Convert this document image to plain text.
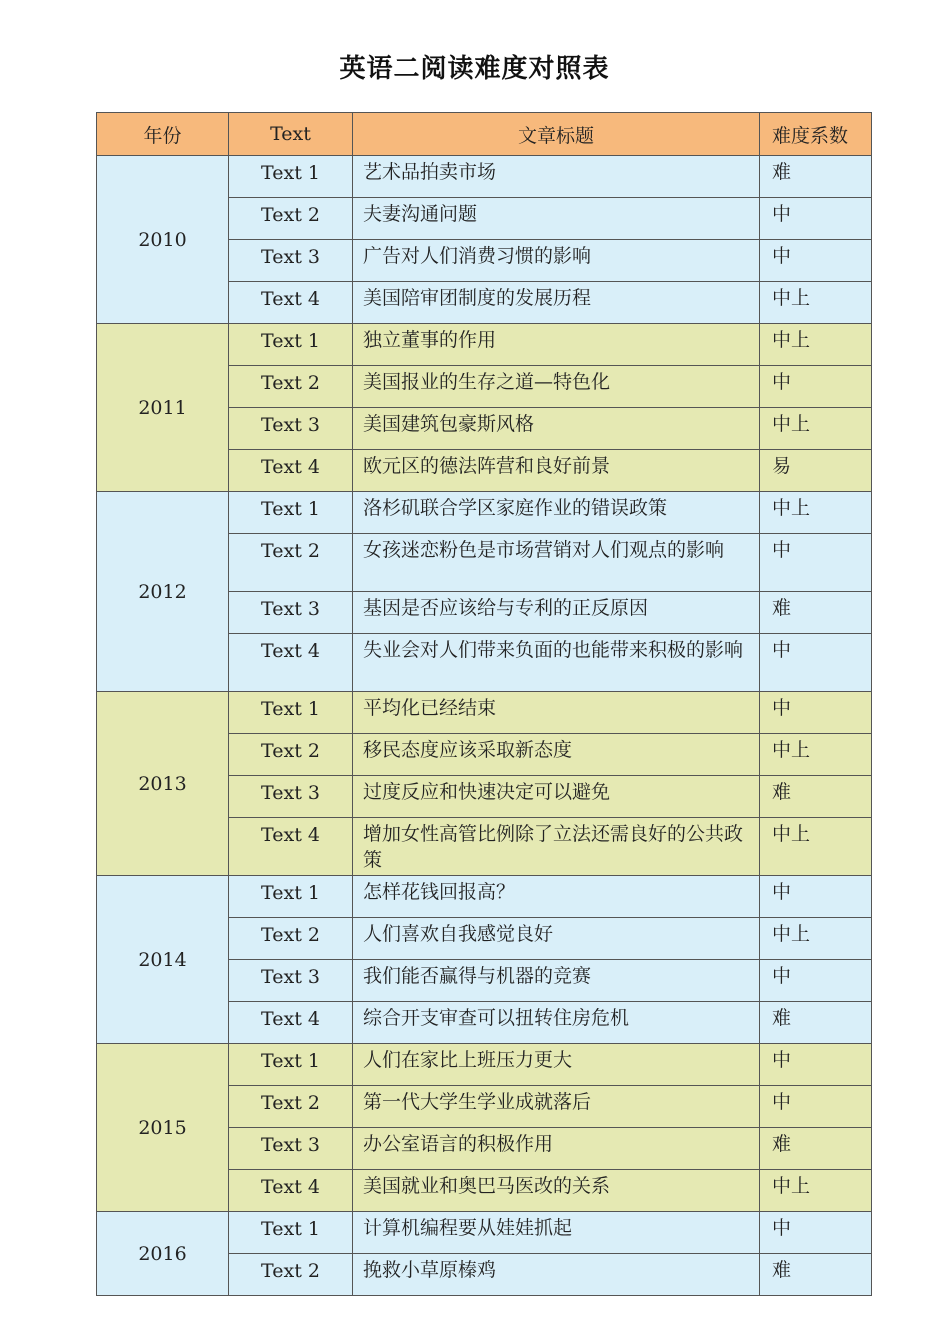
英语二阅读难度对照表
年份	Text	文章标题	难度系数
2010	Text 1	艺术品拍卖市场	难
	Text 2	夫妻沟通问题	中
	Text 3	广告对人们消费习惯的影响	中
	Text 4	美国陪审团制度的发展历程	中上
2011	Text 1	独立董事的作用	中上
	Text 2	美国报业的生存之道—特色化	中
	Text 3	美国建筑包豪斯风格	中上
	Text 4	欧元区的德法阵营和良好前景	易
2012	Text 1	洛杉矶联合学区家庭作业的错误政策	中上
	Text 2	女孩迷恋粉色是市场营销对人们观点的影响	中
	Text 3	基因是否应该给与专利的正反原因	难
	Text 4	失业会对人们带来负面的也能带来积极的影响	中
2013	Text 1	平均化已经结束	中
	Text 2	移民态度应该采取新态度	中上
	Text 3	过度反应和快速决定可以避免	难
	Text 4	增加女性高管比例除了立法还需良好的公共政策	中上
2014	Text 1	怎样花钱回报高？	中
	Text 2	人们喜欢自我感觉良好	中上
	Text 3	我们能否赢得与机器的竞赛	中
	Text 4	综合开支审查可以扭转住房危机	难
2015	Text 1	人们在家比上班压力更大	中
	Text 2	第一代大学生学业成就落后	中
	Text 3	办公室语言的积极作用	难
	Text 4	美国就业和奥巴马医改的关系	中上
2016	Text 1	计算机编程要从娃娃抓起	中
	Text 2	挽救小草原榛鸡	难
